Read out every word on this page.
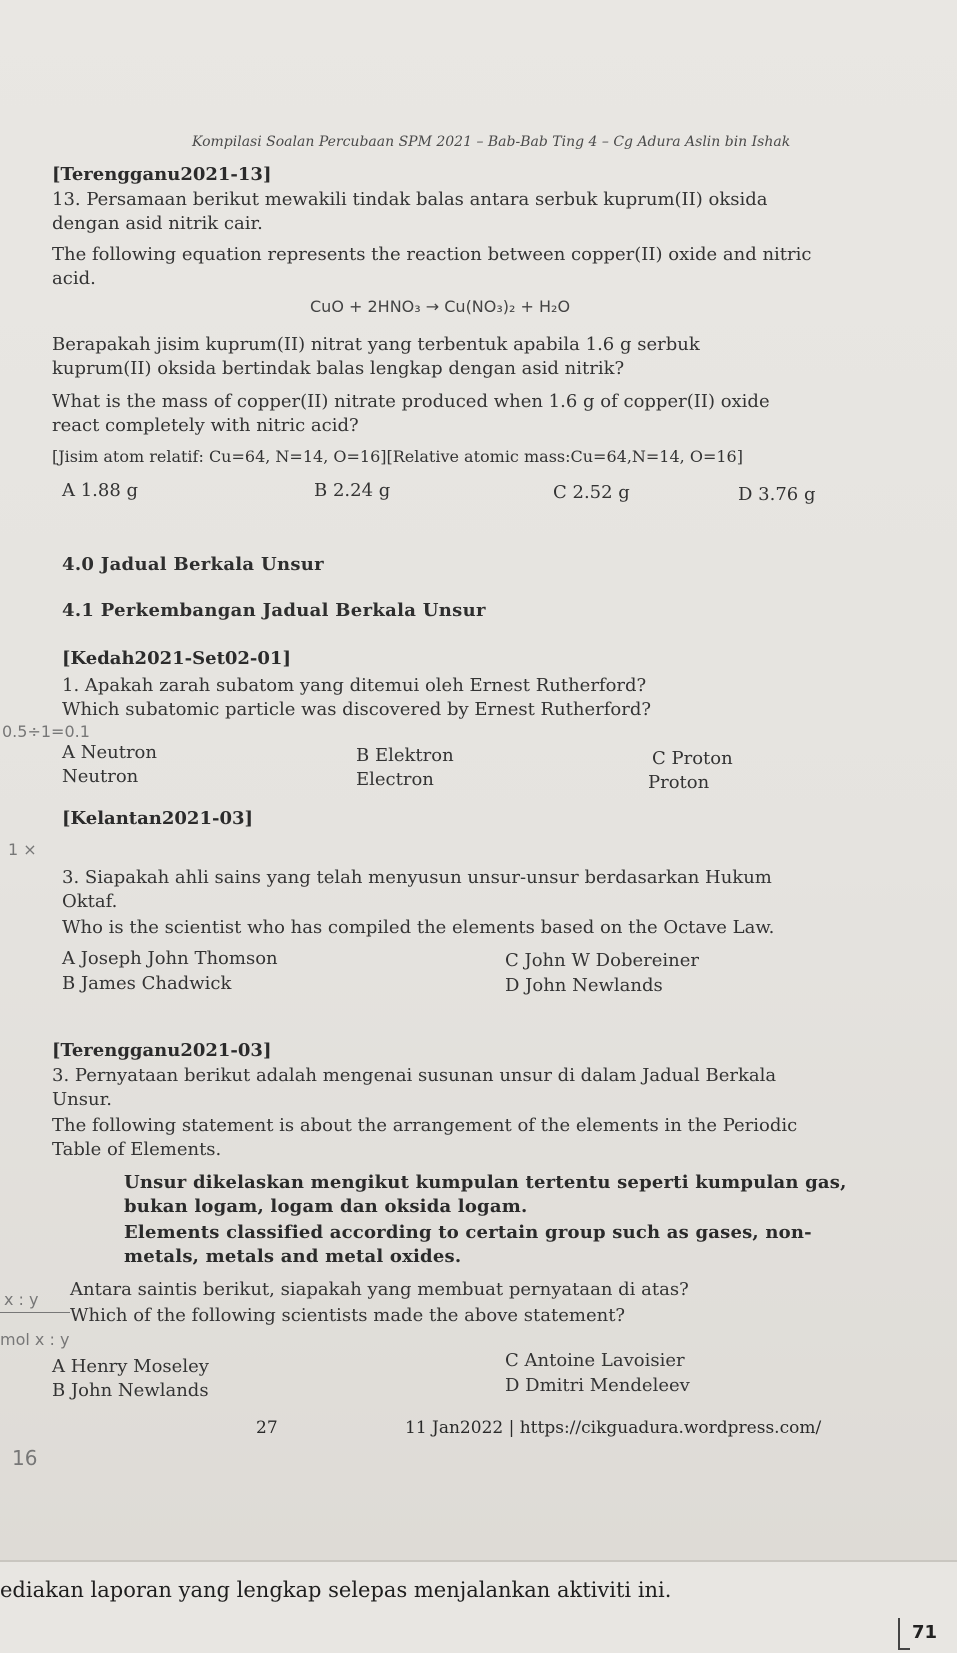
Kompilasi Soalan Percubaan SPM 2021 – Bab-Bab Ting 4 – Cg Adura Aslin bin Ishak
[Terengganu2021-13]
13. Persamaan berikut mewakili tindak balas antara serbuk kuprum(II) oksida
dengan asid nitrik cair.
The following equation represents the reaction between copper(II) oxide and nitric
acid.
CuO + 2HNO₃ → Cu(NO₃)₂ + H₂O
Berapakah jisim kuprum(II) nitrat yang terbentuk apabila 1.6 g serbuk
kuprum(II) oksida bertindak balas lengkap dengan asid nitrik?
What is the mass of copper(II) nitrate produced when 1.6 g of copper(II) oxide
react completely with nitric acid?
[Jisim atom relatif: Cu=64, N=14, O=16][Relative atomic mass:Cu=64,N=14, O=16]
A 1.88 g	B 2.24 g	C 2.52 g	D 3.76 g
4.0 Jadual Berkala Unsur
4.1 Perkembangan Jadual Berkala Unsur
[Kedah2021-Set02-01]
1. Apakah zarah subatom yang ditemui oleh Ernest Rutherford?
Which subatomic particle was discovered by Ernest Rutherford?
A Neutron
Neutron
B Elektron
Electron
C Proton
Proton
[Kelantan2021-03]
3. Siapakah ahli sains yang telah menyusun unsur-unsur berdasarkan Hukum
Oktaf.
Who is the scientist who has compiled the elements based on the Octave Law.
A Joseph John Thomson	C John W Dobereiner
B James Chadwick	D John Newlands
[Terengganu2021-03]
3. Pernyataan berikut adalah mengenai susunan unsur di dalam Jadual Berkala
Unsur.
The following statement is about the arrangement of the elements in the Periodic
Table of Elements.
Unsur dikelaskan mengikut kumpulan tertentu seperti kumpulan gas,
bukan logam, logam dan oksida logam.
Elements classified according to certain group such as gases, non-
metals, metals and metal oxides.
Antara saintis berikut, siapakah yang membuat pernyataan di atas?
Which of the following scientists made the above statement?
A Henry Moseley	C Antoine Lavoisier
B John Newlands	D Dmitri Mendeleev
27	11 Jan2022 | https://cikguadura.wordpress.com/
0.5÷1=0.1
1 ×
x : y
mol x : y
16
ediakan laporan yang lengkap selepas menjalankan aktiviti ini.
71
